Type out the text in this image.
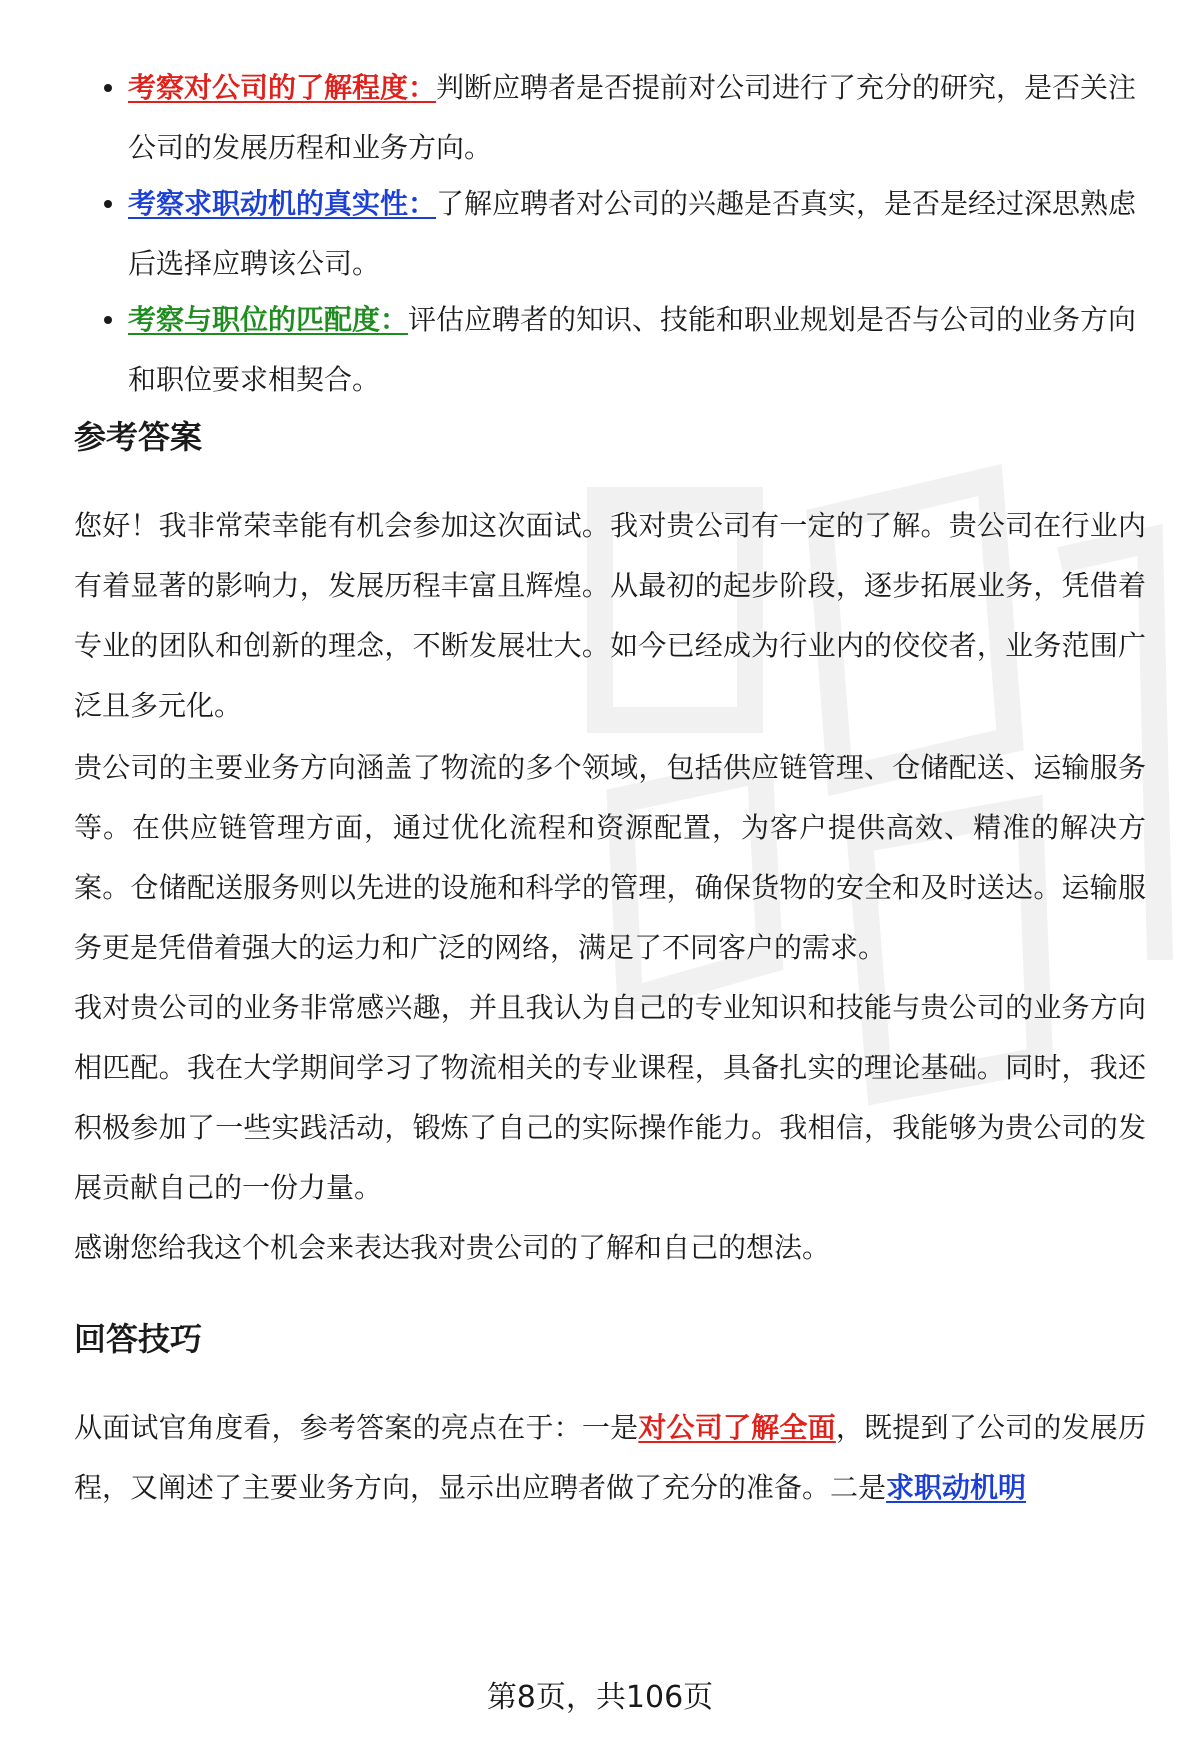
考察对公司的了解程度：判断应聘者是否提前对公司进行了充分的研究，是否关注公司的发展历程和业务方向。
考察求职动机的真实性：了解应聘者对公司的兴趣是否真实，是否是经过深思熟虑后选择应聘该公司。
考察与职位的匹配度：评估应聘者的知识、技能和职业规划是否与公司的业务方向和职位要求相契合。
参考答案

您好！我非常荣幸能有机会参加这次面试。我对贵公司有一定的了解。贵公司在行业内有着显著的影响力，发展历程丰富且辉煌。从最初的起步阶段，逐步拓展业务，凭借着专业的团队和创新的理念，不断发展壮大。如今已经成为行业内的佼佼者，业务范围广泛且多元化。

贵公司的主要业务方向涵盖了物流的多个领域，包括供应链管理、仓储配送、运输服务等。在供应链管理方面，通过优化流程和资源配置，为客户提供高效、精准的解决方案。仓储配送服务则以先进的设施和科学的管理，确保货物的安全和及时送达。运输服务更是凭借着强大的运力和广泛的网络，满足了不同客户的需求。

我对贵公司的业务非常感兴趣，并且我认为自己的专业知识和技能与贵公司的业务方向相匹配。我在大学期间学习了物流相关的专业课程，具备扎实的理论基础。同时，我还积极参加了一些实践活动，锻炼了自己的实际操作能力。我相信，我能够为贵公司的发展贡献自己的一份力量。

感谢您给我这个机会来表达我对贵公司的了解和自己的想法。

回答技巧

从面试官角度看，参考答案的亮点在于：一是对公司了解全面，既提到了公司的发展历程，又阐述了主要业务方向，显示出应聘者做了充分的准备。二是求职动机明

第8页，共106页
